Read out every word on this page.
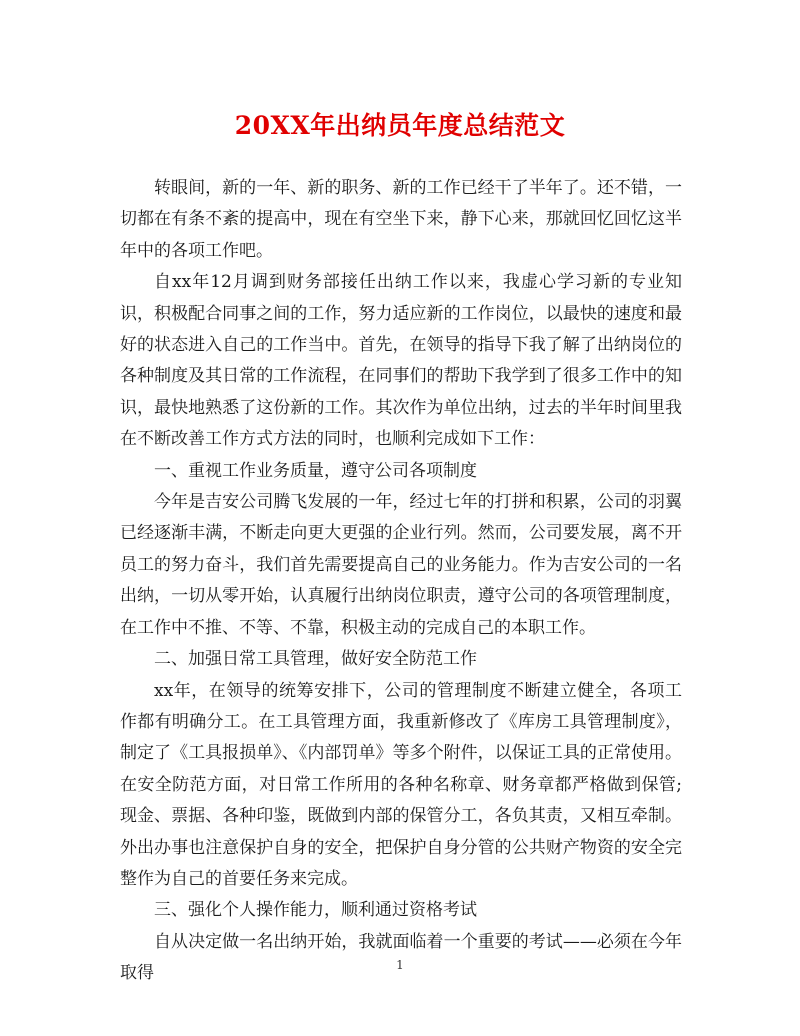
20XX年出纳员年度总结范文

转眼间，新的一年、新的职务、新的工作已经干了半年了。还不错，一切都在有条不紊的提高中，现在有空坐下来，静下心来，那就回忆回忆这半年中的各项工作吧。

自xx年12月调到财务部接任出纳工作以来，我虚心学习新的专业知识，积极配合同事之间的工作，努力适应新的工作岗位，以最快的速度和最好的状态进入自己的工作当中。首先，在领导的指导下我了解了出纳岗位的各种制度及其日常的工作流程，在同事们的帮助下我学到了很多工作中的知识，最快地熟悉了这份新的工作。其次作为单位出纳，过去的半年时间里我在不断改善工作方式方法的同时，也顺利完成如下工作：

一、重视工作业务质量，遵守公司各项制度

今年是吉安公司腾飞发展的一年，经过七年的打拼和积累，公司的羽翼已经逐渐丰满，不断走向更大更强的企业行列。然而，公司要发展，离不开员工的努力奋斗，我们首先需要提高自己的业务能力。作为吉安公司的一名出纳，一切从零开始，认真履行出纳岗位职责，遵守公司的各项管理制度，在工作中不推、不等、不靠，积极主动的完成自己的本职工作。

二、加强日常工具管理，做好安全防范工作

xx年，在领导的统筹安排下，公司的管理制度不断建立健全，各项工作都有明确分工。在工具管理方面，我重新修改了《库房工具管理制度》，制定了《工具报损单》、《内部罚单》等多个附件，以保证工具的正常使用。在安全防范方面，对日常工作所用的各种名称章、财务章都严格做到保管;现金、票据、各种印鉴，既做到内部的保管分工，各负其责，又相互牵制。外出办事也注意保护自身的安全，把保护自身分管的公共财产物资的安全完整作为自己的首要任务来完成。

三、强化个人操作能力，顺利通过资格考试

自从决定做一名出纳开始，我就面临着一个重要的考试——必须在今年取得	1
